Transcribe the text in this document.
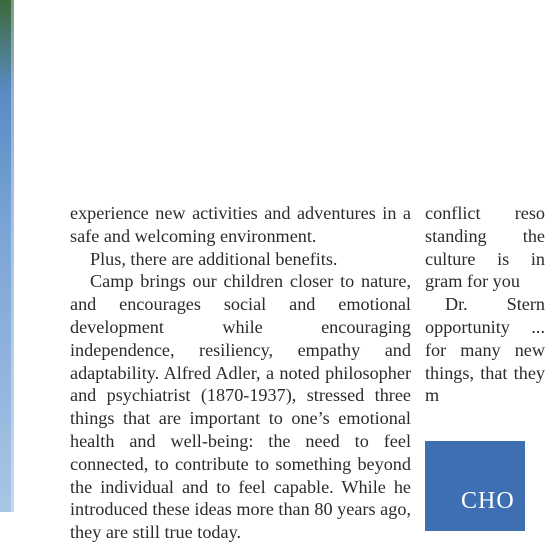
experience new activities and adventures in a safe and welcoming environment.

Plus, there are additional benefits.

Camp brings our children closer to nature, and encourages social and emotional development while encouraging independence, resiliency, empathy and adaptability. Alfred Adler, a noted philosopher and psychiatrist (1870-1937), stressed three things that are important to one’s emotional health and well-being: the need to feel connected, to contribute to something beyond the individual and to feel capable. While he introduced these ideas more than 80 years ago, they are still true today.

conflict reso standing the culture is in gram for you

Dr. Stern opportunity ... for many new things, that they m

CHO
